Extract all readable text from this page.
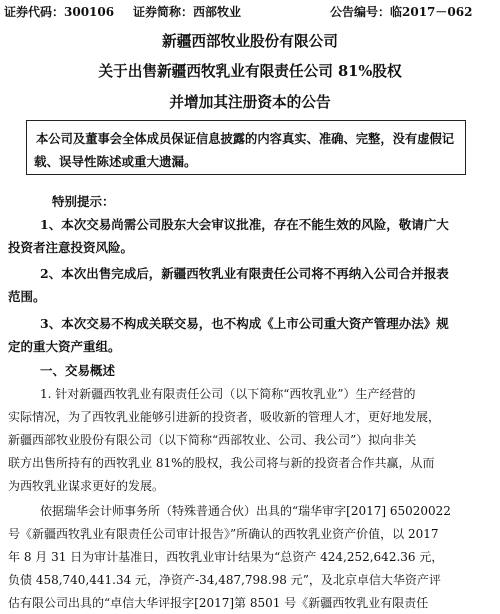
证券代码：300106 证券简称：西部牧业	公告编号：临2017－062
新疆西部牧业股份有限公司
关于出售新疆西牧乳业有限责任公司 81%股权
并增加其注册资本的公告
本公司及董事会全体成员保证信息披露的内容真实、准确、完整，没有虚假记
载、误导性陈述或重大遗漏。
特别提示：
1、本次交易尚需公司股东大会审议批准，存在不能生效的风险，敬请广大
投资者注意投资风险。
2、本次出售完成后，新疆西牧乳业有限责任公司将不再纳入公司合并报表
范围。
3、本次交易不构成关联交易，也不构成《上市公司重大资产管理办法》规
定的重大资产重组。
一、交易概述
1. 针对新疆西牧乳业有限责任公司（以下简称“西牧乳业”）生产经营的
实际情况，为了西牧乳业能够引进新的投资者，吸收新的管理人才，更好地发展，
新疆西部牧业股份有限公司（以下简称“西部牧业、公司、我公司”）拟向非关
联方出售所持有的西牧乳业 81%的股权，我公司将与新的投资者合作共赢，从而
为西牧乳业谋求更好的发展。
依据瑞华会计师事务所（特殊普通合伙）出具的“瑞华审字[2017] 65020022
号《新疆西牧乳业有限责任公司审计报告》”所确认的西牧乳业资产价值，以 2017
年 8 月 31 日为审计基准日，西牧乳业审计结果为“总资产 424,252,642.36 元，
负债 458,740,441.34 元，净资产-34,487,798.98 元”，及北京卓信大华资产评
估有限公司出具的“卓信大华评报字[2017]第 8501 号《新疆西牧乳业有限责任
